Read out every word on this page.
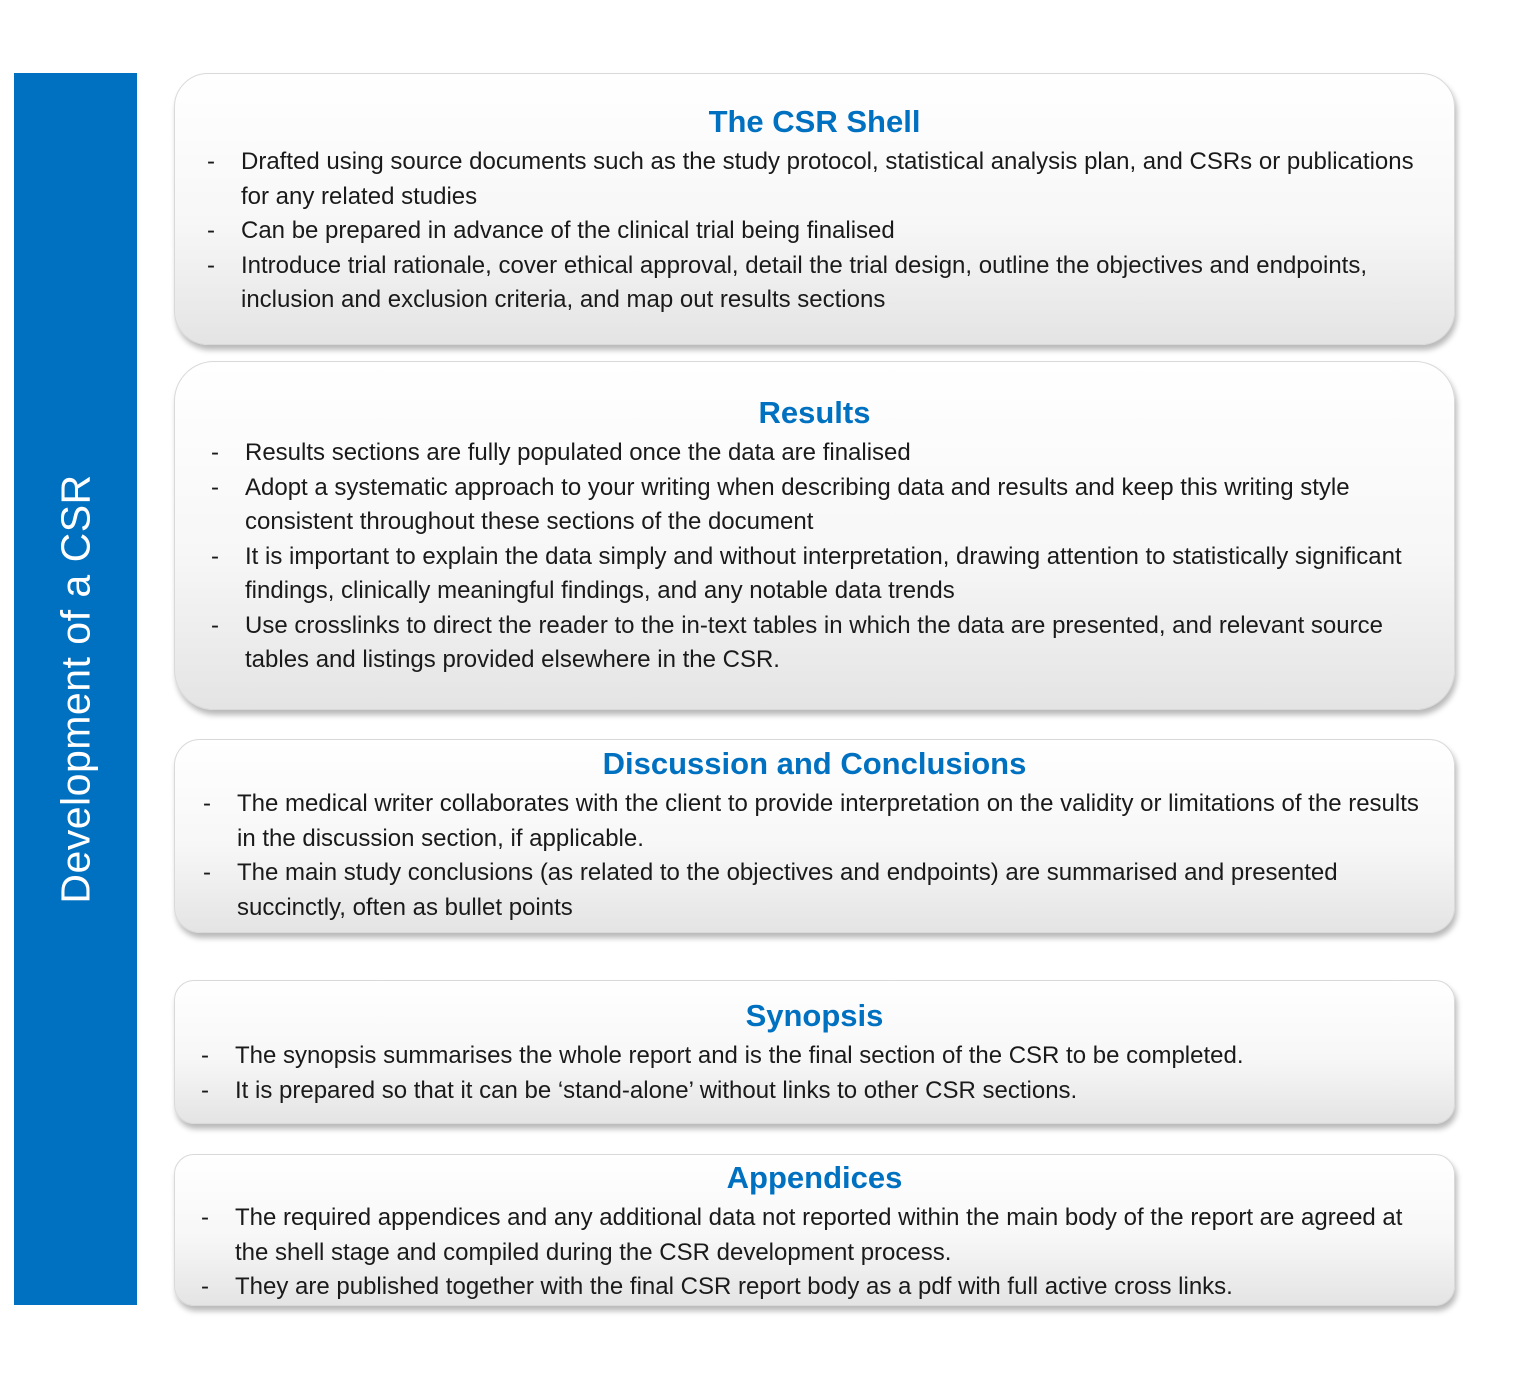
Development of a CSR
The CSR Shell
- Drafted using source documents such as the study protocol, statistical analysis plan, and CSRs or publications for any related studies
- Can be prepared in advance of the clinical trial being finalised
- Introduce trial rationale, cover ethical approval, detail the trial design, outline the objectives and endpoints, inclusion and exclusion criteria, and map out results sections
Results
- Results sections are fully populated once the data are finalised
- Adopt a systematic approach to your writing when describing data and results and keep this writing style consistent throughout these sections of the document
- It is important to explain the data simply and without interpretation, drawing attention to statistically significant findings, clinically meaningful findings, and any notable data trends
- Use crosslinks to direct the reader to the in-text tables in which the data are presented, and relevant source tables and listings provided elsewhere in the CSR.
Discussion and Conclusions
- The medical writer collaborates with the client to provide interpretation on the validity or limitations of the results in the discussion section, if applicable.
- The main study conclusions (as related to the objectives and endpoints) are summarised and presented succinctly, often as bullet points
Synopsis
- The synopsis summarises the whole report and is the final section of the CSR to be completed.
- It is prepared so that it can be ‘stand-alone’ without links to other CSR sections.
Appendices
- The required appendices and any additional data not reported within the main body of the report are agreed at the shell stage and compiled during the CSR development process.
- They are published together with the final CSR report body as a pdf with full active cross links.
